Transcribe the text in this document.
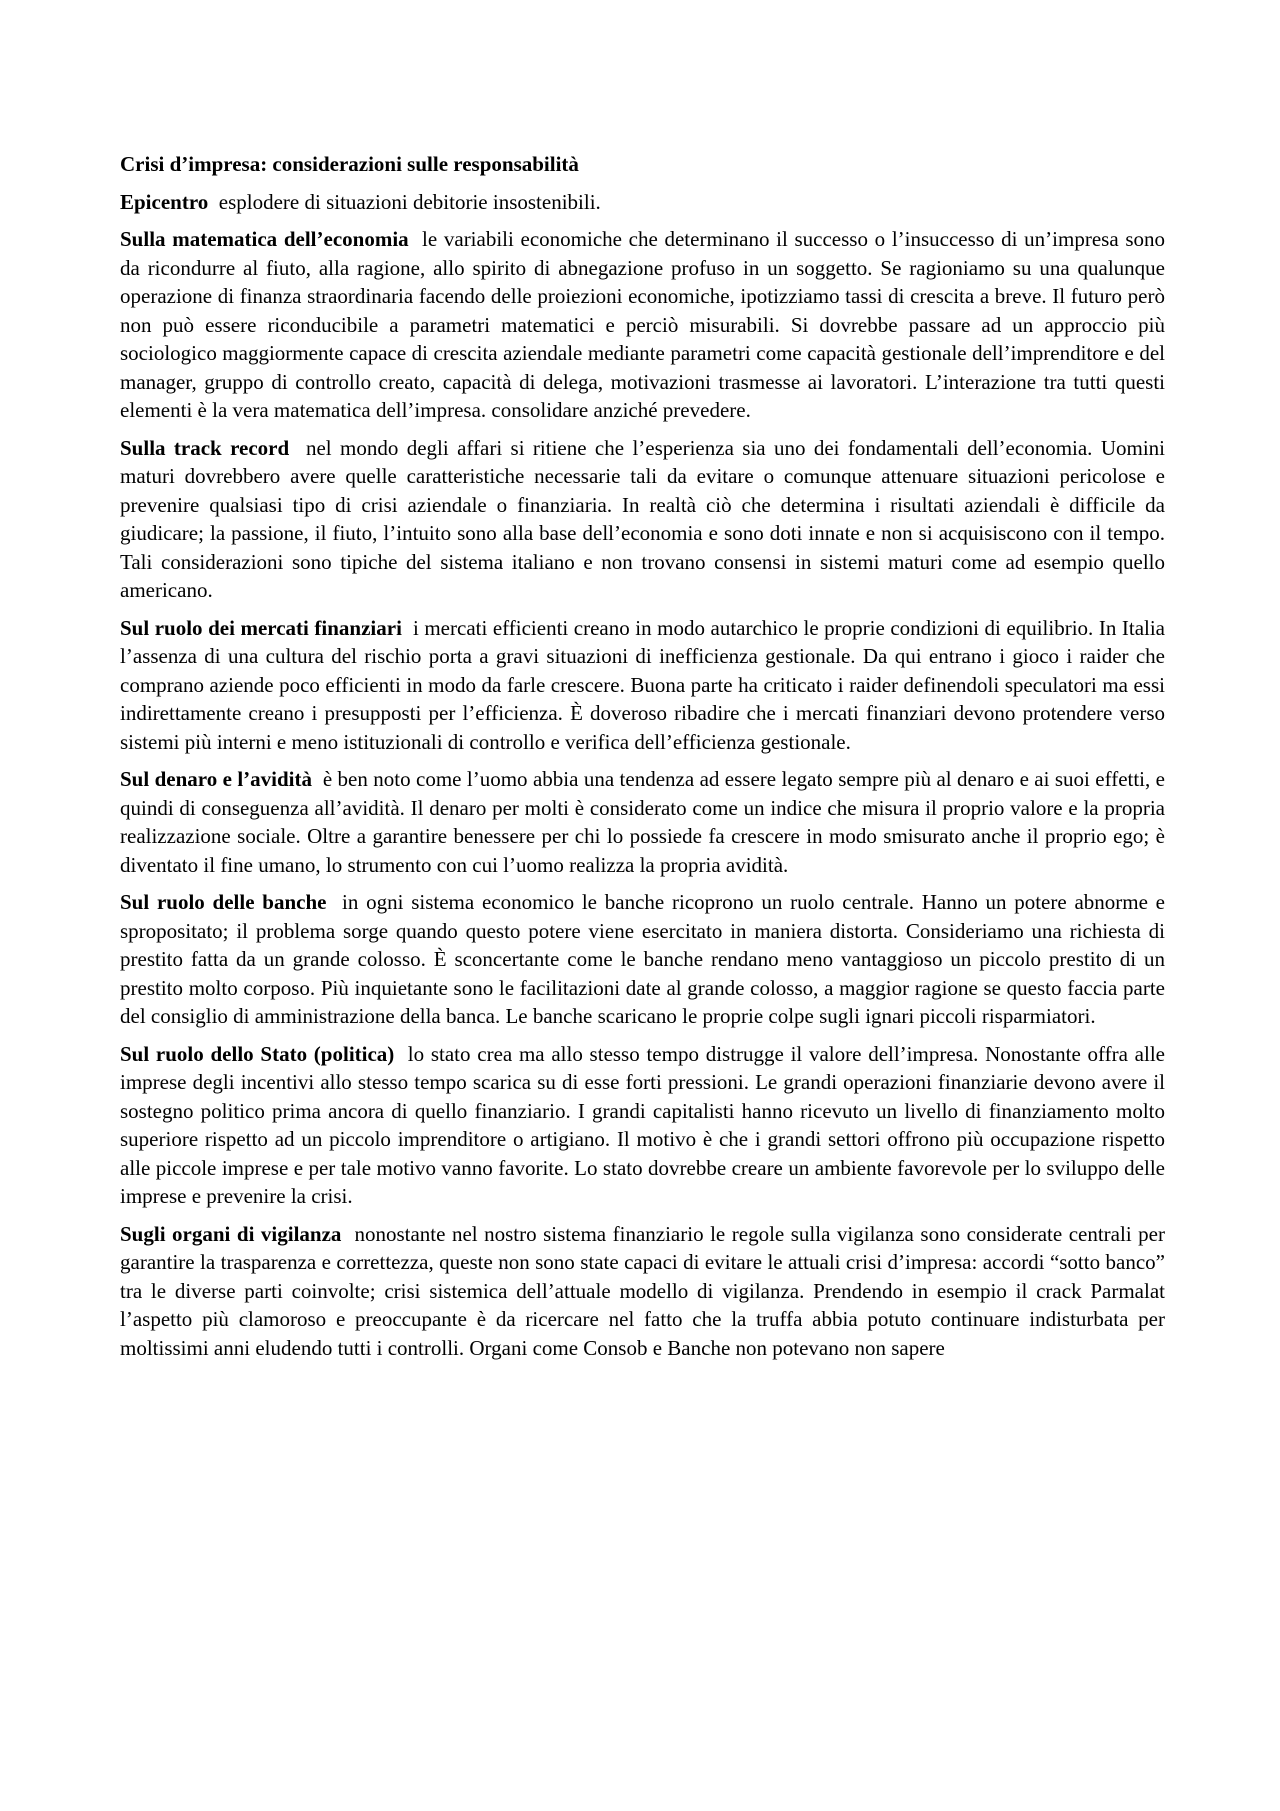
Crisi d’impresa: considerazioni sulle responsabilità

Epicentro esplodere di situazioni debitorie insostenibili.

Sulla matematica dell’economia le variabili economiche che determinano il successo o l’insuccesso di un’impresa sono da ricondurre al fiuto, alla ragione, allo spirito di abnegazione profuso in un soggetto. Se ragioniamo su una qualunque operazione di finanza straordinaria facendo delle proiezioni economiche, ipotizziamo tassi di crescita a breve. Il futuro però non può essere riconducibile a parametri matematici e perciò misurabili. Si dovrebbe passare ad un approccio più sociologico maggiormente capace di crescita aziendale mediante parametri come capacità gestionale dell’imprenditore e del manager, gruppo di controllo creato, capacità di delega, motivazioni trasmesse ai lavoratori. L’interazione tra tutti questi elementi è la vera matematica dell’impresa. consolidare anziché prevedere.

Sulla track record nel mondo degli affari si ritiene che l’esperienza sia uno dei fondamentali dell’economia. Uomini maturi dovrebbero avere quelle caratteristiche necessarie tali da evitare o comunque attenuare situazioni pericolose e prevenire qualsiasi tipo di crisi aziendale o finanziaria. In realtà ciò che determina i risultati aziendali è difficile da giudicare; la passione, il fiuto, l’intuito sono alla base dell’economia e sono doti innate e non si acquisiscono con il tempo. Tali considerazioni sono tipiche del sistema italiano e non trovano consensi in sistemi maturi come ad esempio quello americano.

Sul ruolo dei mercati finanziari i mercati efficienti creano in modo autarchico le proprie condizioni di equilibrio. In Italia l’assenza di una cultura del rischio porta a gravi situazioni di inefficienza gestionale. Da qui entrano i gioco i raider che comprano aziende poco efficienti in modo da farle crescere. Buona parte ha criticato i raider definendoli speculatori ma essi indirettamente creano i presupposti per l’efficienza. È doveroso ribadire che i mercati finanziari devono protendere verso sistemi più interni e meno istituzionali di controllo e verifica dell’efficienza gestionale.

Sul denaro e l’avidità è ben noto come l’uomo abbia una tendenza ad essere legato sempre più al denaro e ai suoi effetti, e quindi di conseguenza all’avidità. Il denaro per molti è considerato come un indice che misura il proprio valore e la propria realizzazione sociale. Oltre a garantire benessere per chi lo possiede fa crescere in modo smisurato anche il proprio ego; è diventato il fine umano, lo strumento con cui l’uomo realizza la propria avidità.

Sul ruolo delle banche in ogni sistema economico le banche ricoprono un ruolo centrale. Hanno un potere abnorme e spropositato; il problema sorge quando questo potere viene esercitato in maniera distorta. Consideriamo una richiesta di prestito fatta da un grande colosso. È sconcertante come le banche rendano meno vantaggioso un piccolo prestito di un prestito molto corposo. Più inquietante sono le facilitazioni date al grande colosso, a maggior ragione se questo faccia parte del consiglio di amministrazione della banca. Le banche scaricano le proprie colpe sugli ignari piccoli risparmiatori.

Sul ruolo dello Stato (politica) lo stato crea ma allo stesso tempo distrugge il valore dell’impresa. Nonostante offra alle imprese degli incentivi allo stesso tempo scarica su di esse forti pressioni. Le grandi operazioni finanziarie devono avere il sostegno politico prima ancora di quello finanziario. I grandi capitalisti hanno ricevuto un livello di finanziamento molto superiore rispetto ad un piccolo imprenditore o artigiano. Il motivo è che i grandi settori offrono più occupazione rispetto alle piccole imprese e per tale motivo vanno favorite. Lo stato dovrebbe creare un ambiente favorevole per lo sviluppo delle imprese e prevenire la crisi.

Sugli organi di vigilanza nonostante nel nostro sistema finanziario le regole sulla vigilanza sono considerate centrali per garantire la trasparenza e correttezza, queste non sono state capaci di evitare le attuali crisi d’impresa: accordi “sotto banco” tra le diverse parti coinvolte; crisi sistemica dell’attuale modello di vigilanza. Prendendo in esempio il crack Parmalat l’aspetto più clamoroso e preoccupante è da ricercare nel fatto che la truffa abbia potuto continuare indisturbata per moltissimi anni eludendo tutti i controlli. Organi come Consob e Banche non potevano non sapere
